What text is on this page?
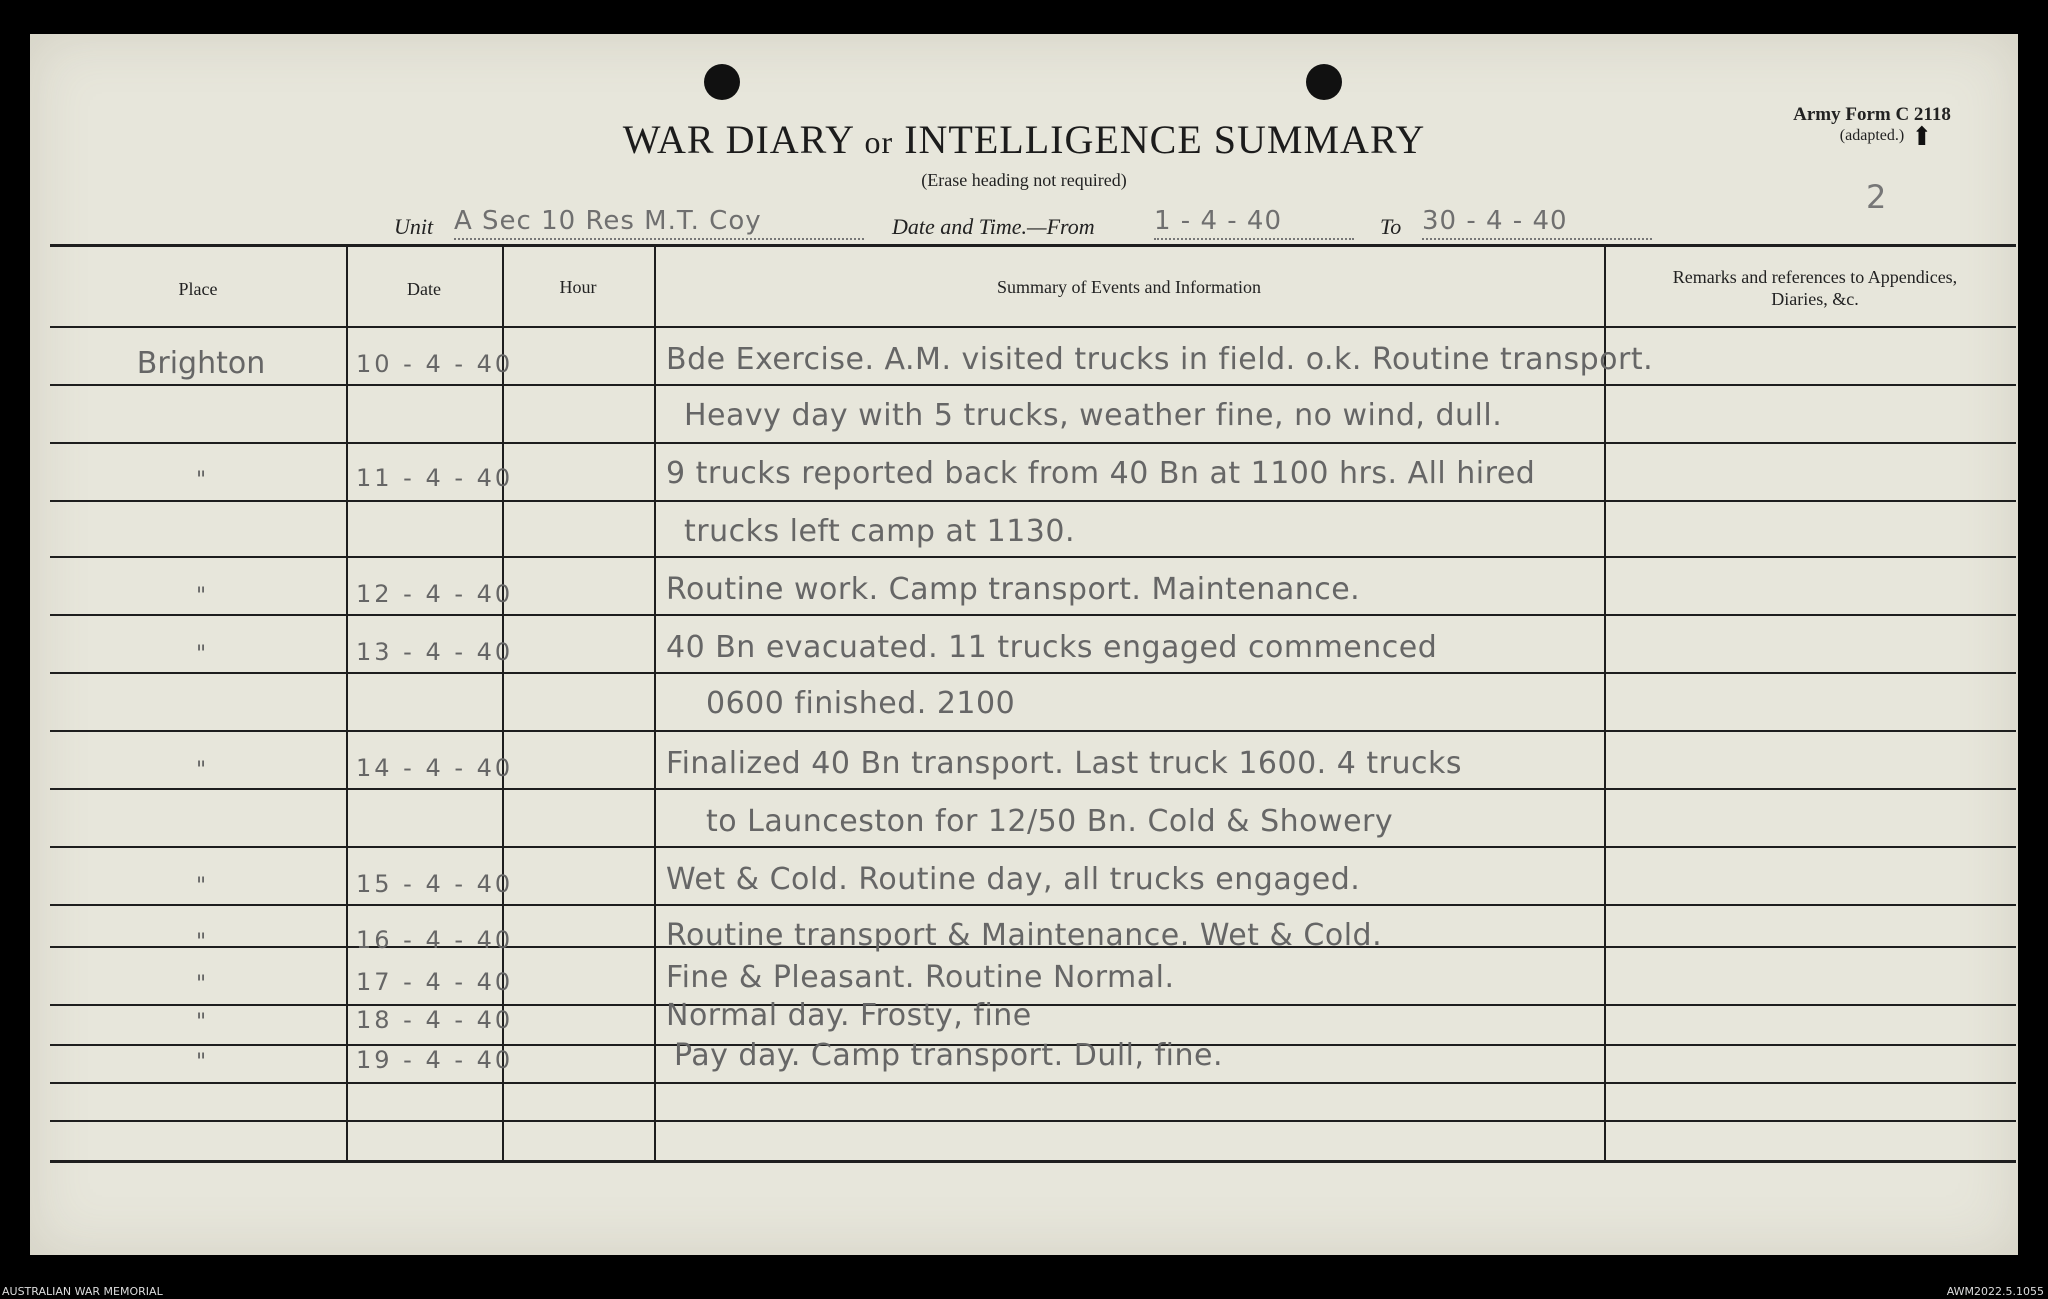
WAR DIARY or INTELLIGENCE SUMMARY
(Erase heading not required)
Army Form C 2118
(adapted.) ⬆
2
Unit A Sec 10 Res M.T. Coy	Date and Time.—From 1 - 4 - 40	To 30 - 4 - 40
Place	Date	Hour	Summary of Events and Information	Remarks and references to Appendices, Diaries, &c.
Brighton	10 - 4 - 40	Bde Exercise. A.M. visited trucks in field. o.k. Routine transport.
Heavy day with 5 trucks, weather fine, no wind, dull.
"	11 - 4 - 40	9 trucks reported back from 40 Bn at 1100 hrs. All hired
trucks left camp at 1130.
"	12 - 4 - 40	Routine work. Camp transport. Maintenance.
"	13 - 4 - 40	40 Bn evacuated. 11 trucks engaged commenced
0600 finished. 2100
"	14 - 4 - 40	Finalized 40 Bn transport. Last truck 1600. 4 trucks
to Launceston for 12/50 Bn. Cold & Showery
"	15 - 4 - 40	Wet & Cold. Routine day, all trucks engaged.
"	16 - 4 - 40	Routine transport & Maintenance. Wet & Cold.
"	17 - 4 - 40	Fine & Pleasant. Routine Normal.
"	18 - 4 - 40	Normal day. Frosty, fine
"	19 - 4 - 40	Pay day. Camp transport. Dull, fine.
AUSTRALIAN WAR MEMORIAL	AWM2022.5.1055
